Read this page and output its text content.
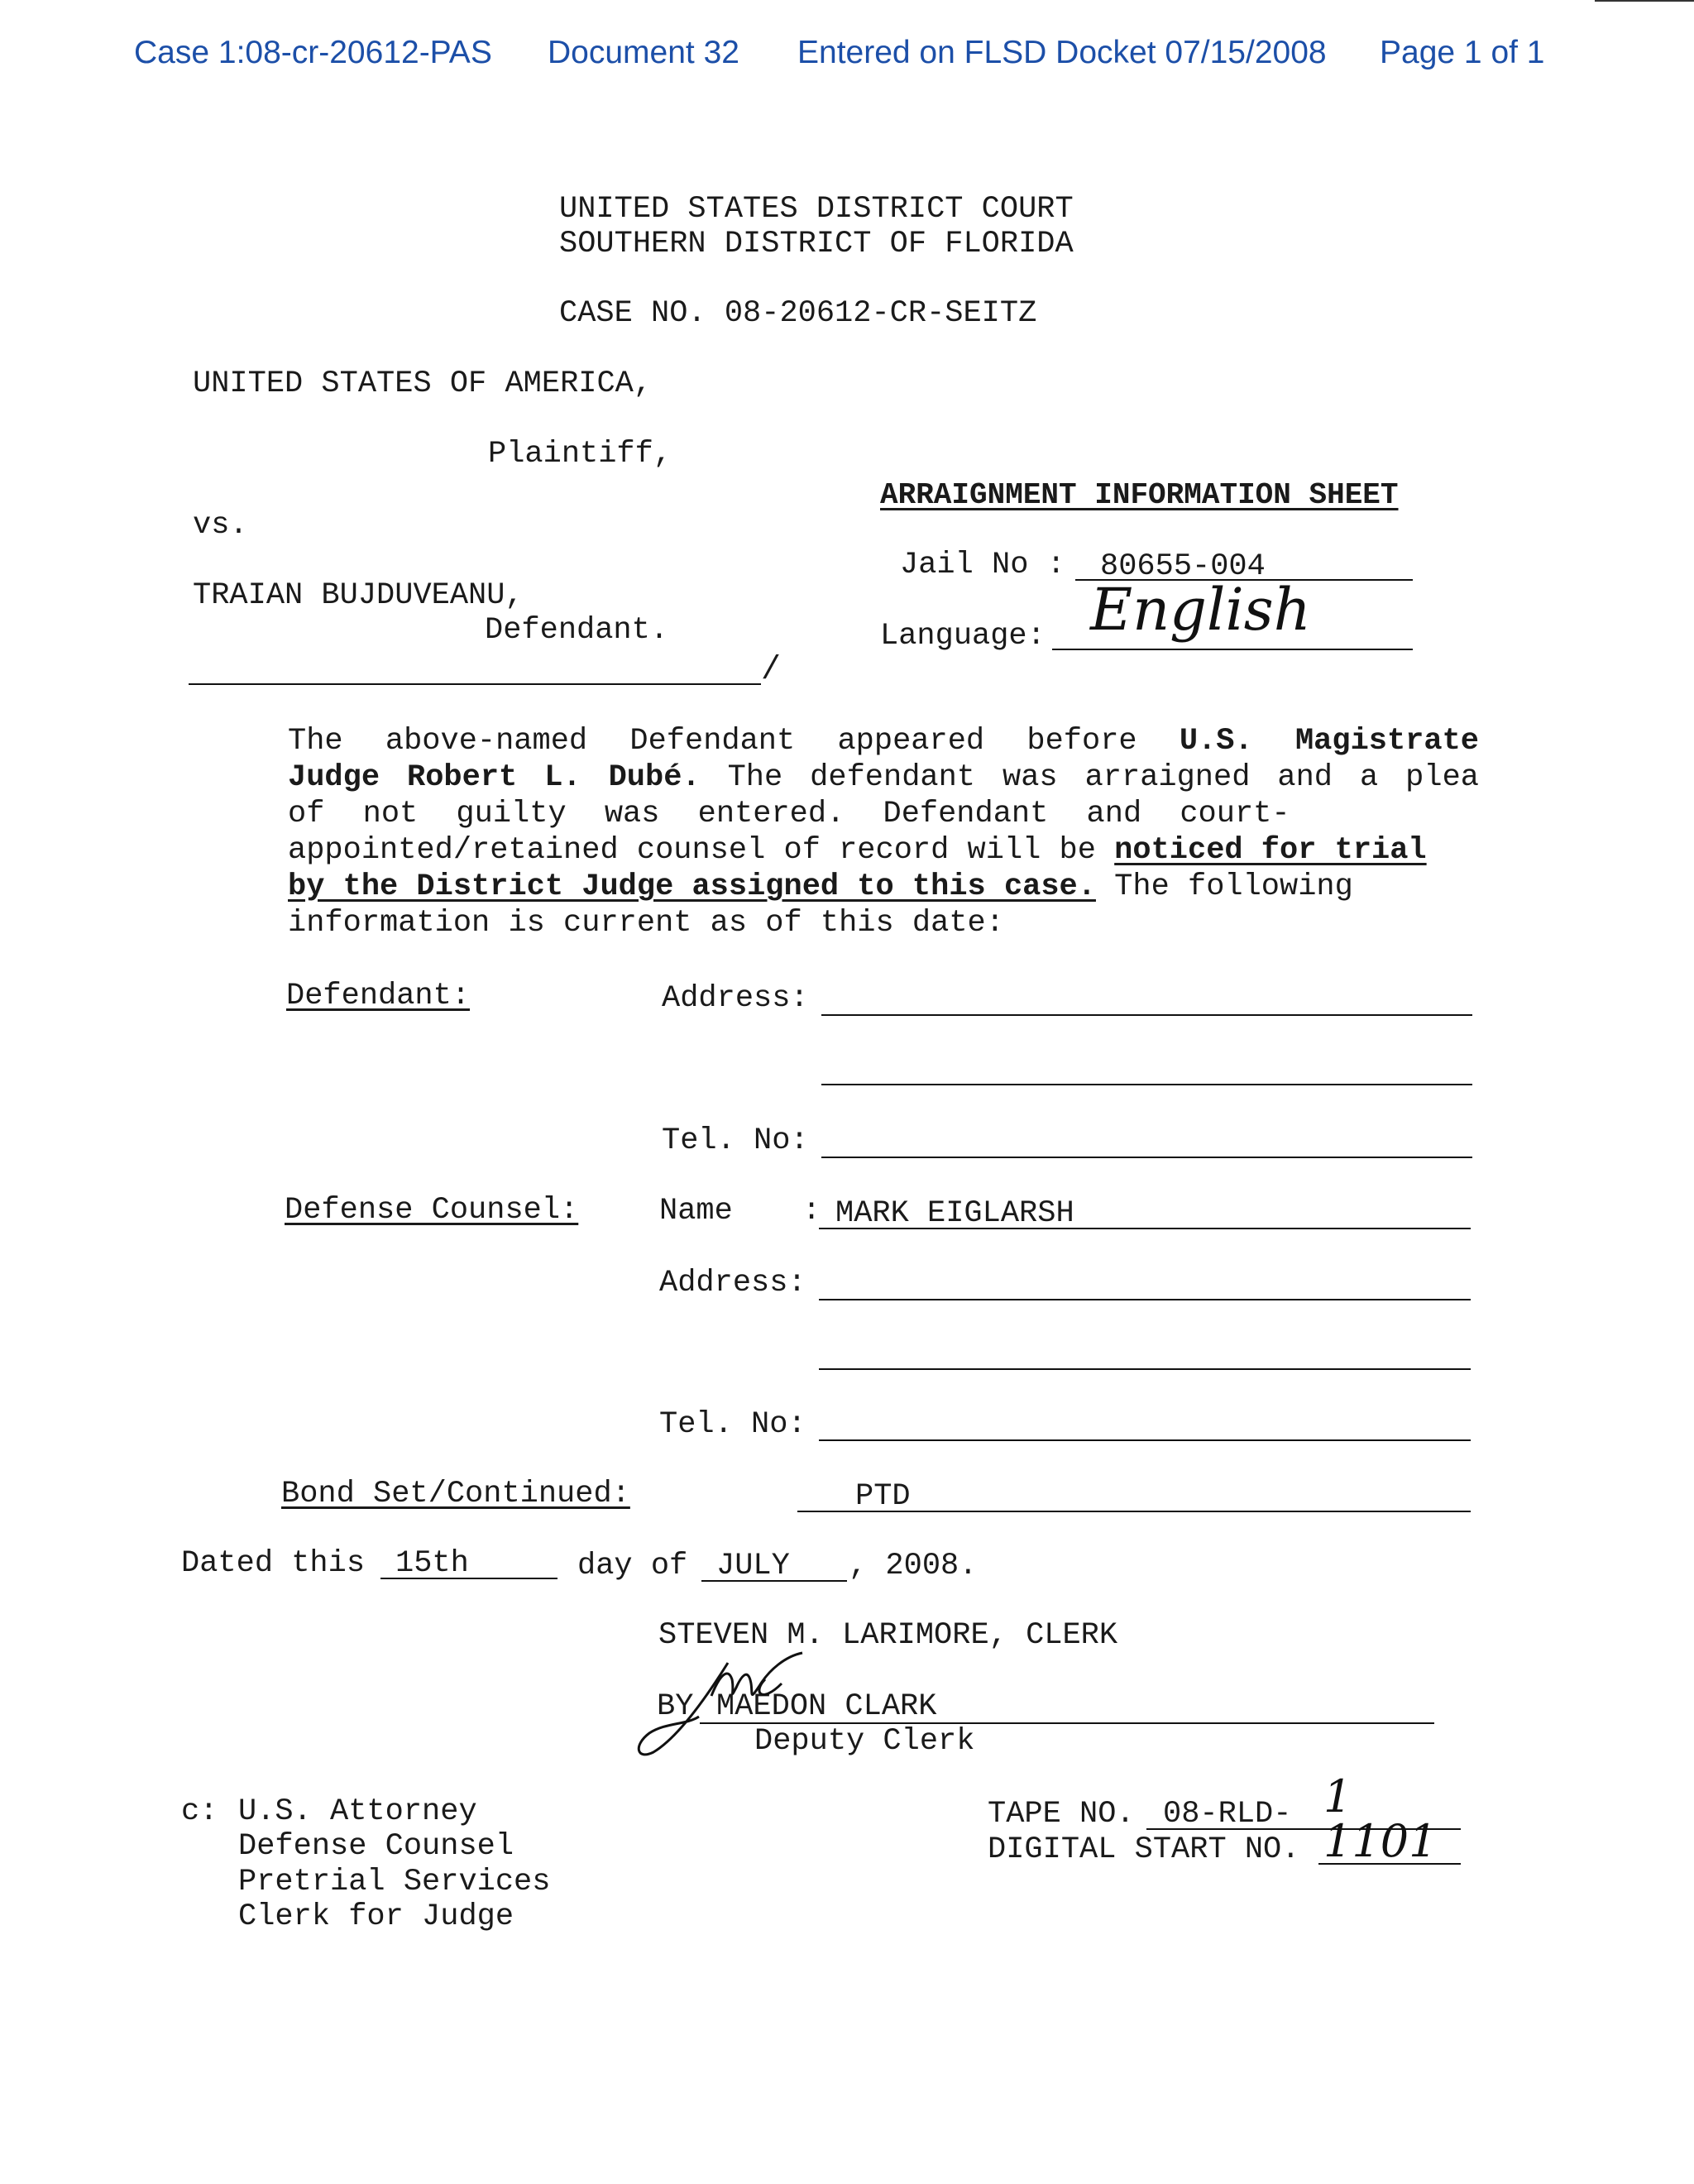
Case 1:08-cr-20612-PAS Document 32 Entered on FLSD Docket 07/15/2008 Page 1 of 1
UNITED STATES DISTRICT COURT
SOUTHERN DISTRICT OF FLORIDA
CASE NO. 08-20612-CR-SEITZ
UNITED STATES OF AMERICA,
Plaintiff,
vs.
TRAIAN BUJDUVEANU,
Defendant.
/
ARRAIGNMENT INFORMATION SHEET
Jail No : 80655-004
Language: English
The above-named Defendant appeared before U.S. Magistrate
Judge Robert L. Dubé. The defendant was arraigned and a plea
of not guilty was entered. Defendant and court-
appointed/retained counsel of record will be noticed for trial
by the District Judge assigned to this case. The following
information is current as of this date:
Defendant:	Address:
Tel. No:
Defense Counsel:	Name : MARK EIGLARSH
Address:
Tel. No:
Bond Set/Continued:	PTD
Dated this 15th	day of JULY , 2008.
STEVEN M. LARIMORE, CLERK
BY MAEDON CLARK
Deputy Clerk
c: U.S. Attorney
Defense Counsel
Pretrial Services
Clerk for Judge
TAPE NO. 08-RLD- 1
DIGITAL START NO. 1101
